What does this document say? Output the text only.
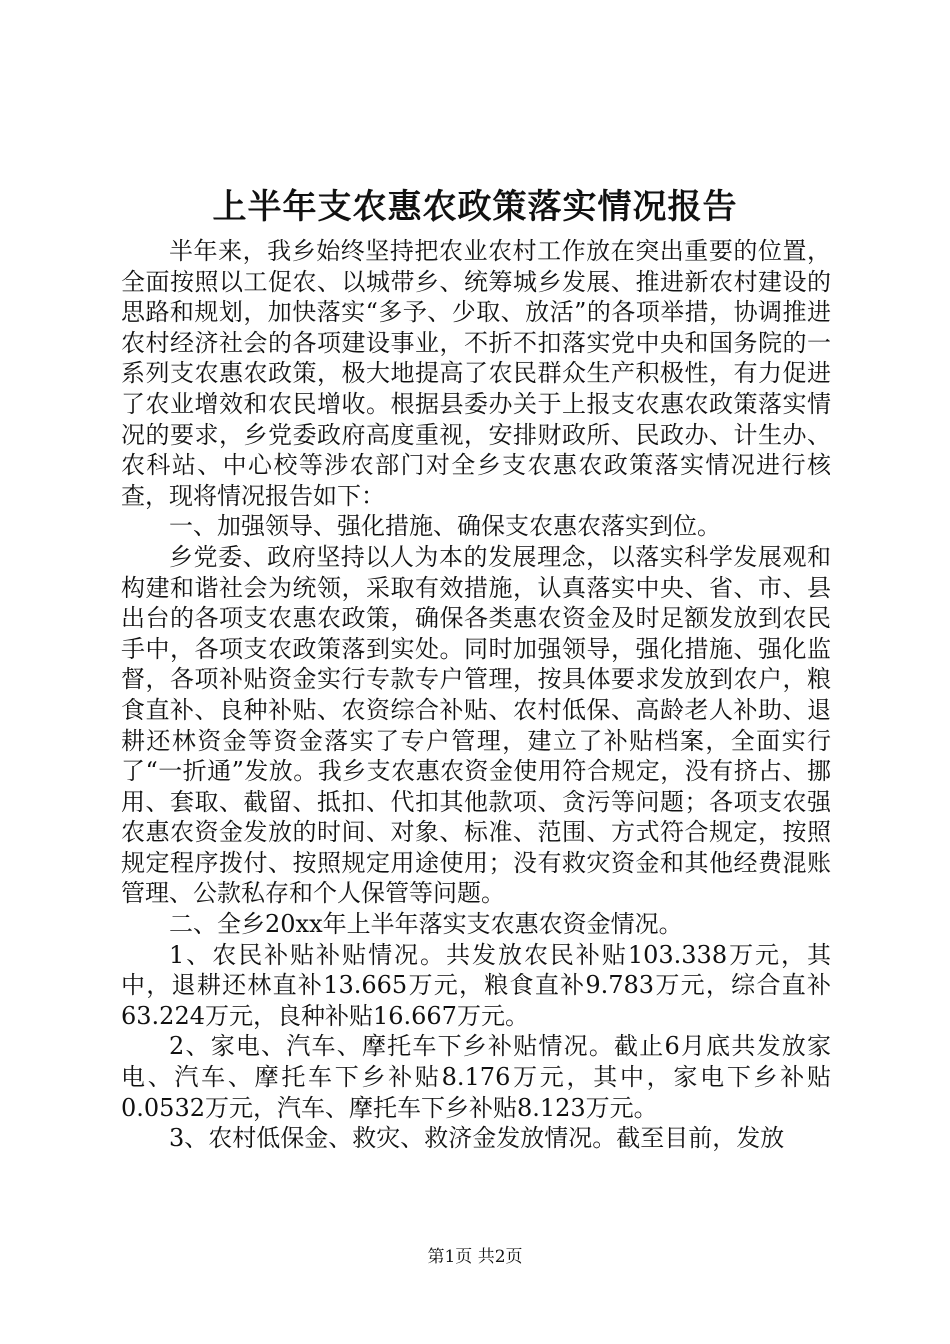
上半年支农惠农政策落实情况报告

半年来，我乡始终坚持把农业农村工作放在突出重要的位置，全面按照以工促农、以城带乡、统筹城乡发展、推进新农村建设的思路和规划，加快落实“多予、少取、放活”的各项举措，协调推进农村经济社会的各项建设事业，不折不扣落实党中央和国务院的一系列支农惠农政策，极大地提高了农民群众生产积极性，有力促进了农业增效和农民增收。根据县委办关于上报支农惠农政策落实情况的要求，乡党委政府高度重视，安排财政所、民政办、计生办、农科站、中心校等涉农部门对全乡支农惠农政策落实情况进行核查，现将情况报告如下：

一、加强领导、强化措施、确保支农惠农落实到位。

乡党委、政府坚持以人为本的发展理念，以落实科学发展观和构建和谐社会为统领，采取有效措施，认真落实中央、省、市、县出台的各项支农惠农政策，确保各类惠农资金及时足额发放到农民手中，各项支农政策落到实处。同时加强领导，强化措施、强化监督，各项补贴资金实行专款专户管理，按具体要求发放到农户，粮食直补、良种补贴、农资综合补贴、农村低保、高龄老人补助、退耕还林资金等资金落实了专户管理，建立了补贴档案，全面实行了“一折通”发放。我乡支农惠农资金使用符合规定，没有挤占、挪用、套取、截留、抵扣、代扣其他款项、贪污等问题；各项支农强农惠农资金发放的时间、对象、标准、范围、方式符合规定，按照规定程序拨付、按照规定用途使用；没有救灾资金和其他经费混账管理、公款私存和个人保管等问题。

二、全乡20xx年上半年落实支农惠农资金情况。

1、农民补贴补贴情况。共发放农民补贴103.338万元，其中，退耕还林直补13.665万元，粮食直补9.783万元，综合直补63.224万元，良种补贴16.667万元。

2、家电、汽车、摩托车下乡补贴情况。截止6月底共发放家电、汽车、摩托车下乡补贴8.176万元，其中，家电下乡补贴0.0532万元，汽车、摩托车下乡补贴8.123万元。

3、农村低保金、救灾、救济金发放情况。截至目前，发放

第1页 共2页
